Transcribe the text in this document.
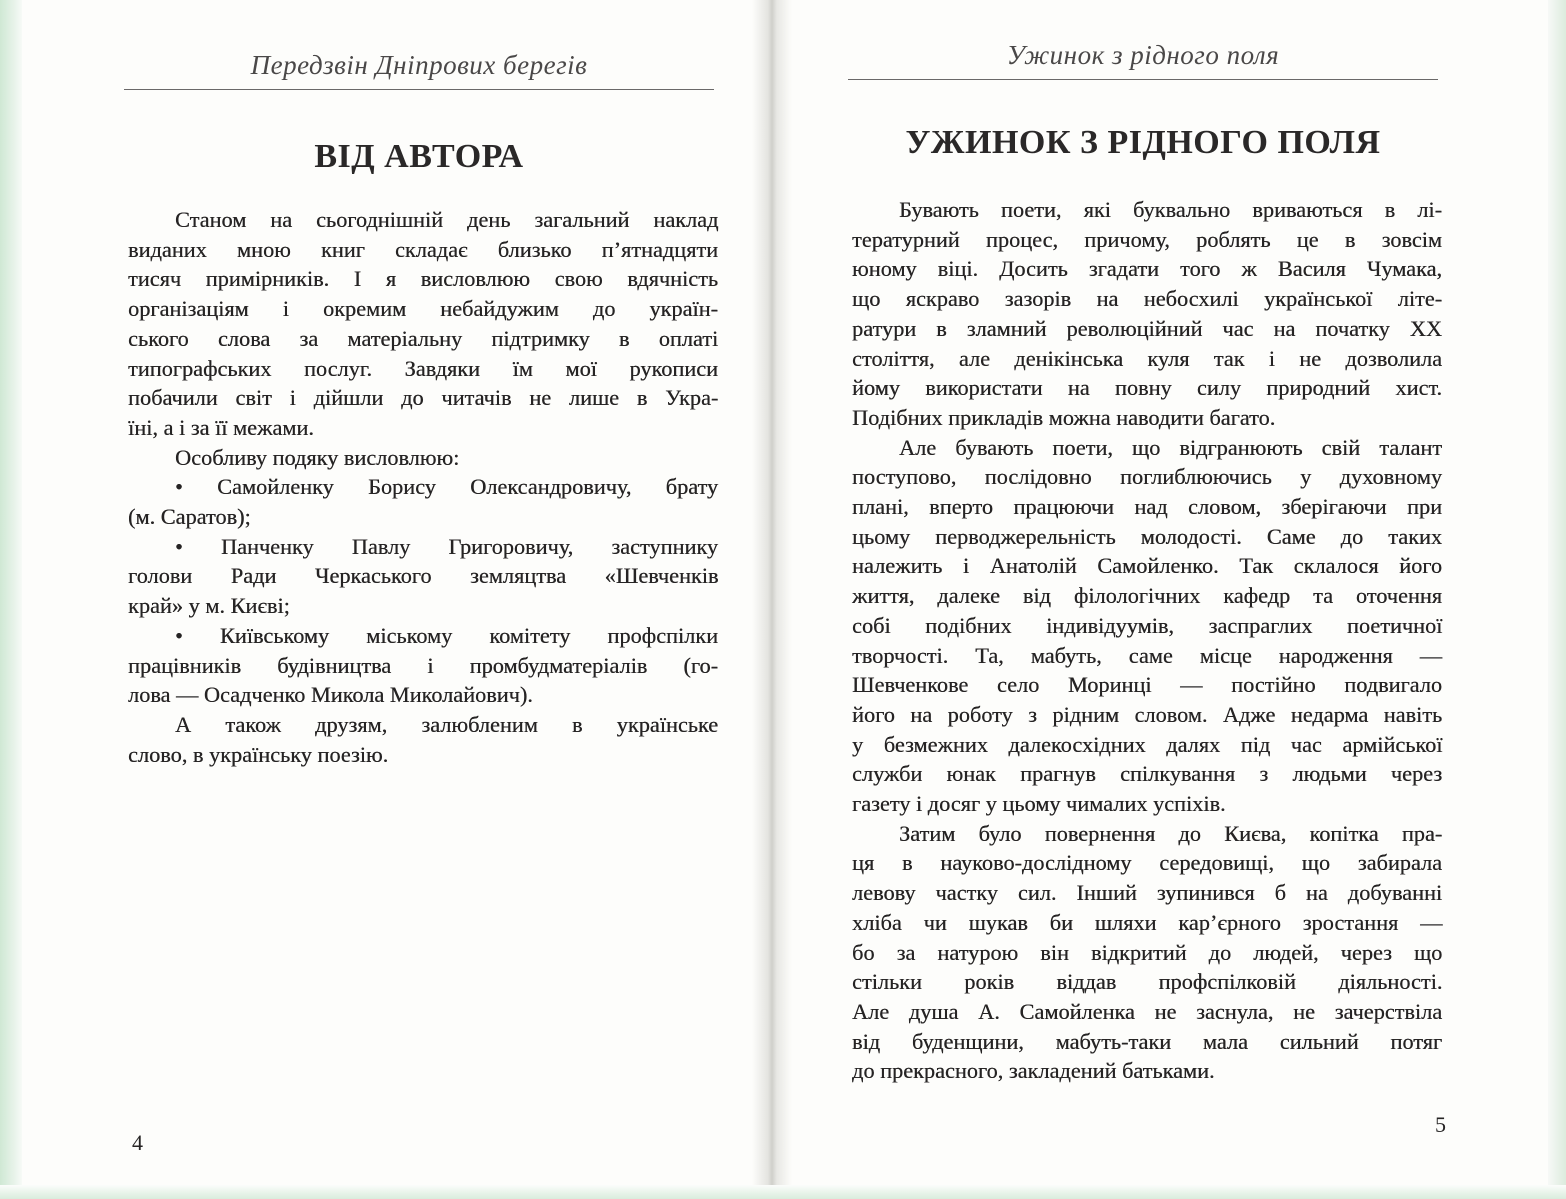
Передзвін Дніпрових берегів
ВІД АВТОРА
Станом на сьогоднішній день загальний наклад
виданих мною книг складає близько п’ятнадцяти
тисяч примірників. І я висловлюю свою вдячність
організаціям і окремим небайдужим до україн-
ського слова за матеріальну підтримку в оплаті
типографських послуг. Завдяки їм мої рукописи
побачили світ і дійшли до читачів не лише в Укра-
їні, а і за її межами.
Особливу подяку висловлюю:
• Самойленку Борису Олександровичу, брату
(м. Саратов);
• Панченку Павлу Григоровичу, заступнику
голови Ради Черкаського земляцтва «Шевченків
край» у м. Києві;
• Київському міському комітету профспілки
працівників будівництва і промбудматеріалів (го-
лова — Осадченко Микола Миколайович).
А також друзям, залюбленим в українське
слово, в українську поезію.
4
Ужинок з рідного поля
УЖИНОК З РІДНОГО ПОЛЯ
Бувають поети, які буквально вриваються в лі-
тературний процес, причому, роблять це в зовсім
юному віці. Досить згадати того ж Василя Чумака,
що яскраво зазорів на небосхилі української літе-
ратури в зламний революційний час на початку XX
століття, але денікінська куля так і не дозволила
йому використати на повну силу природний хист.
Подібних прикладів можна наводити багато.
Але бувають поети, що відгранюють свій талант
поступово, послідовно поглиблюючись у духовному
плані, вперто працюючи над словом, зберігаючи при
цьому перводжерельність молодості. Саме до таких
належить і Анатолій Самойленко. Так склалося його
життя, далеке від філологічних кафедр та оточення
собі подібних індивідуумів, заспраглих поетичної
творчості. Та, мабуть, саме місце народження —
Шевченкове село Моринці — постійно подвигало
його на роботу з рідним словом. Адже недарма навіть
у безмежних далекосхідних далях під час армійської
служби юнак прагнув спілкування з людьми через
газету і досяг у цьому чималих успіхів.
Затим було повернення до Києва, копітка пра-
ця в науково-дослідному середовищі, що забирала
левову частку сил. Інший зупинився б на добуванні
хліба чи шукав би шляхи кар’єрного зростання —
бо за натурою він відкритий до людей, через що
стільки років віддав профспілковій діяльності.
Але душа А. Самойленка не заснула, не зачерствіла
від буденщини, мабуть-таки мала сильний потяг
до прекрасного, закладений батьками.
5
